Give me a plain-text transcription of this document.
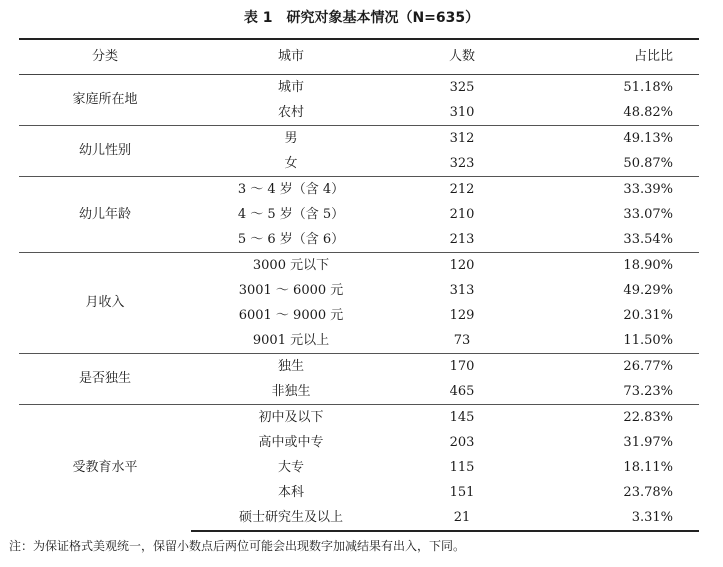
表 1 研究对象基本情况（N=635）
分类	城市	人数	占比比
家庭所在地	城市	325	51.18%
	农村	310	48.82%
幼儿性别	男	312	49.13%
	女	323	50.87%
幼儿年龄	3 ～ 4 岁（含 4）	212	33.39%
	4 ～ 5 岁（含 5）	210	33.07%
	5 ～ 6 岁（含 6）	213	33.54%
月收入	3000 元以下	120	18.90%
	3001 ～ 6000 元	313	49.29%
	6001 ～ 9000 元	129	20.31%
	9001 元以上	73	11.50%
是否独生	独生	170	26.77%
	非独生	465	73.23%
受教育水平	初中及以下	145	22.83%
	高中或中专	203	31.97%
	大专	115	18.11%
	本科	151	23.78%
	硕士研究生及以上	21	3.31%
注：为保证格式美观统一，保留小数点后两位可能会出现数字加减结果有出入，下同。
